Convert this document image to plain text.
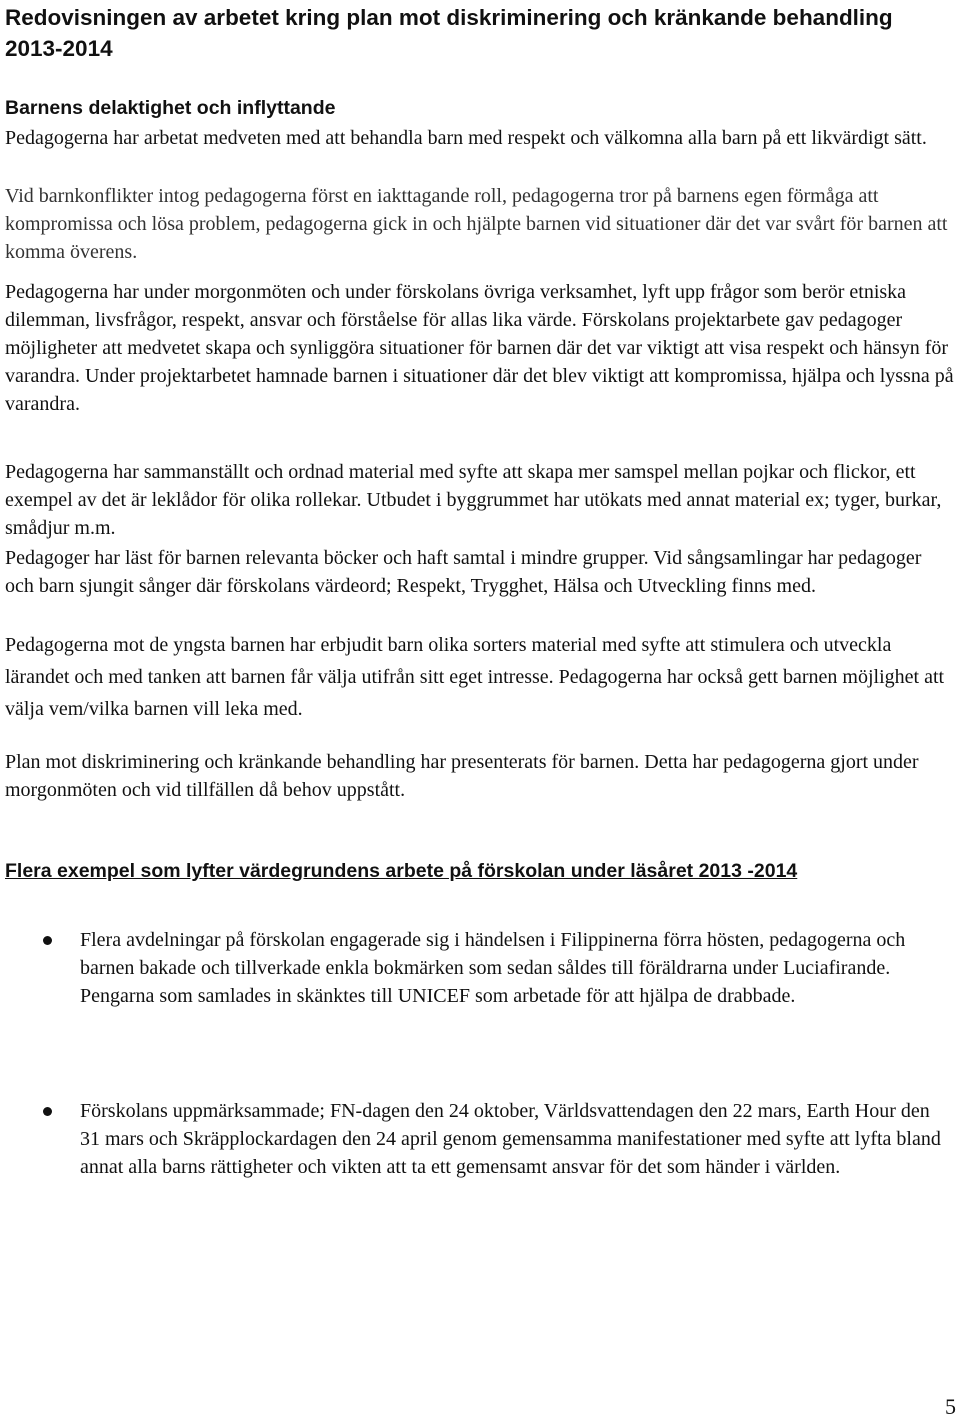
Redovisningen av arbetet kring plan mot diskriminering och kränkande behandling 2013-2014
Barnens delaktighet och inflyttande

Pedagogerna har arbetat medveten med att behandla barn med respekt och välkomna alla barn på ett likvärdigt sätt.

Vid barnkonflikter intog pedagogerna först en iakttagande roll, pedagogerna tror på barnens egen förmåga att kompromissa och lösa problem, pedagogerna gick in och hjälpte barnen vid situationer där det var svårt för barnen att komma överens.

Pedagogerna har under morgonmöten och under förskolans övriga verksamhet, lyft upp frågor som berör etniska dilemman, livsfrågor, respekt, ansvar och förståelse för allas lika värde. Förskolans projektarbete gav pedagoger möjligheter att medvetet skapa och synliggöra situationer för barnen där det var viktigt att visa respekt och hänsyn för varandra. Under projektarbetet hamnade barnen i situationer där det blev viktigt att kompromissa, hjälpa och lyssna på varandra.

Pedagogerna har sammanställt och ordnad material med syfte att skapa mer samspel mellan pojkar och flickor, ett exempel av det är leklådor för olika rollekar. Utbudet i byggrummet har utökats med annat material ex; tyger, burkar, smådjur m.m.

Pedagoger har läst för barnen relevanta böcker och haft samtal i mindre grupper. Vid sångsamlingar har pedagoger och barn sjungit sånger där förskolans värdeord; Respekt, Trygghet, Hälsa och Utveckling finns med.

Pedagogerna mot de yngsta barnen har erbjudit barn olika sorters material med syfte att stimulera och utveckla lärandet och med tanken att barnen får välja utifrån sitt eget intresse. Pedagogerna har också gett barnen möjlighet att välja vem/vilka barnen vill leka med.

Plan mot diskriminering och kränkande behandling har presenterats för barnen. Detta har pedagogerna gjort under morgonmöten och vid tillfällen då behov uppstått.

Flera exempel som lyfter värdegrundens arbete på förskolan under läsåret 2013 -2014

Flera avdelningar på förskolan engagerade sig i händelsen i Filippinerna förra hösten, pedagogerna och barnen bakade och tillverkade enkla bokmärken som sedan såldes till föräldrarna under Luciafirande. Pengarna som samlades in skänktes till UNICEF som arbetade för att hjälpa de drabbade.

Förskolans uppmärksammade; FN-dagen den 24 oktober, Världsvattendagen den 22 mars, Earth Hour den 31 mars och Skräpplockardagen den 24 april genom gemensamma manifestationer med syfte att lyfta bland annat alla barns rättigheter och vikten att ta ett gemensamt ansvar för det som händer i världen.

5
